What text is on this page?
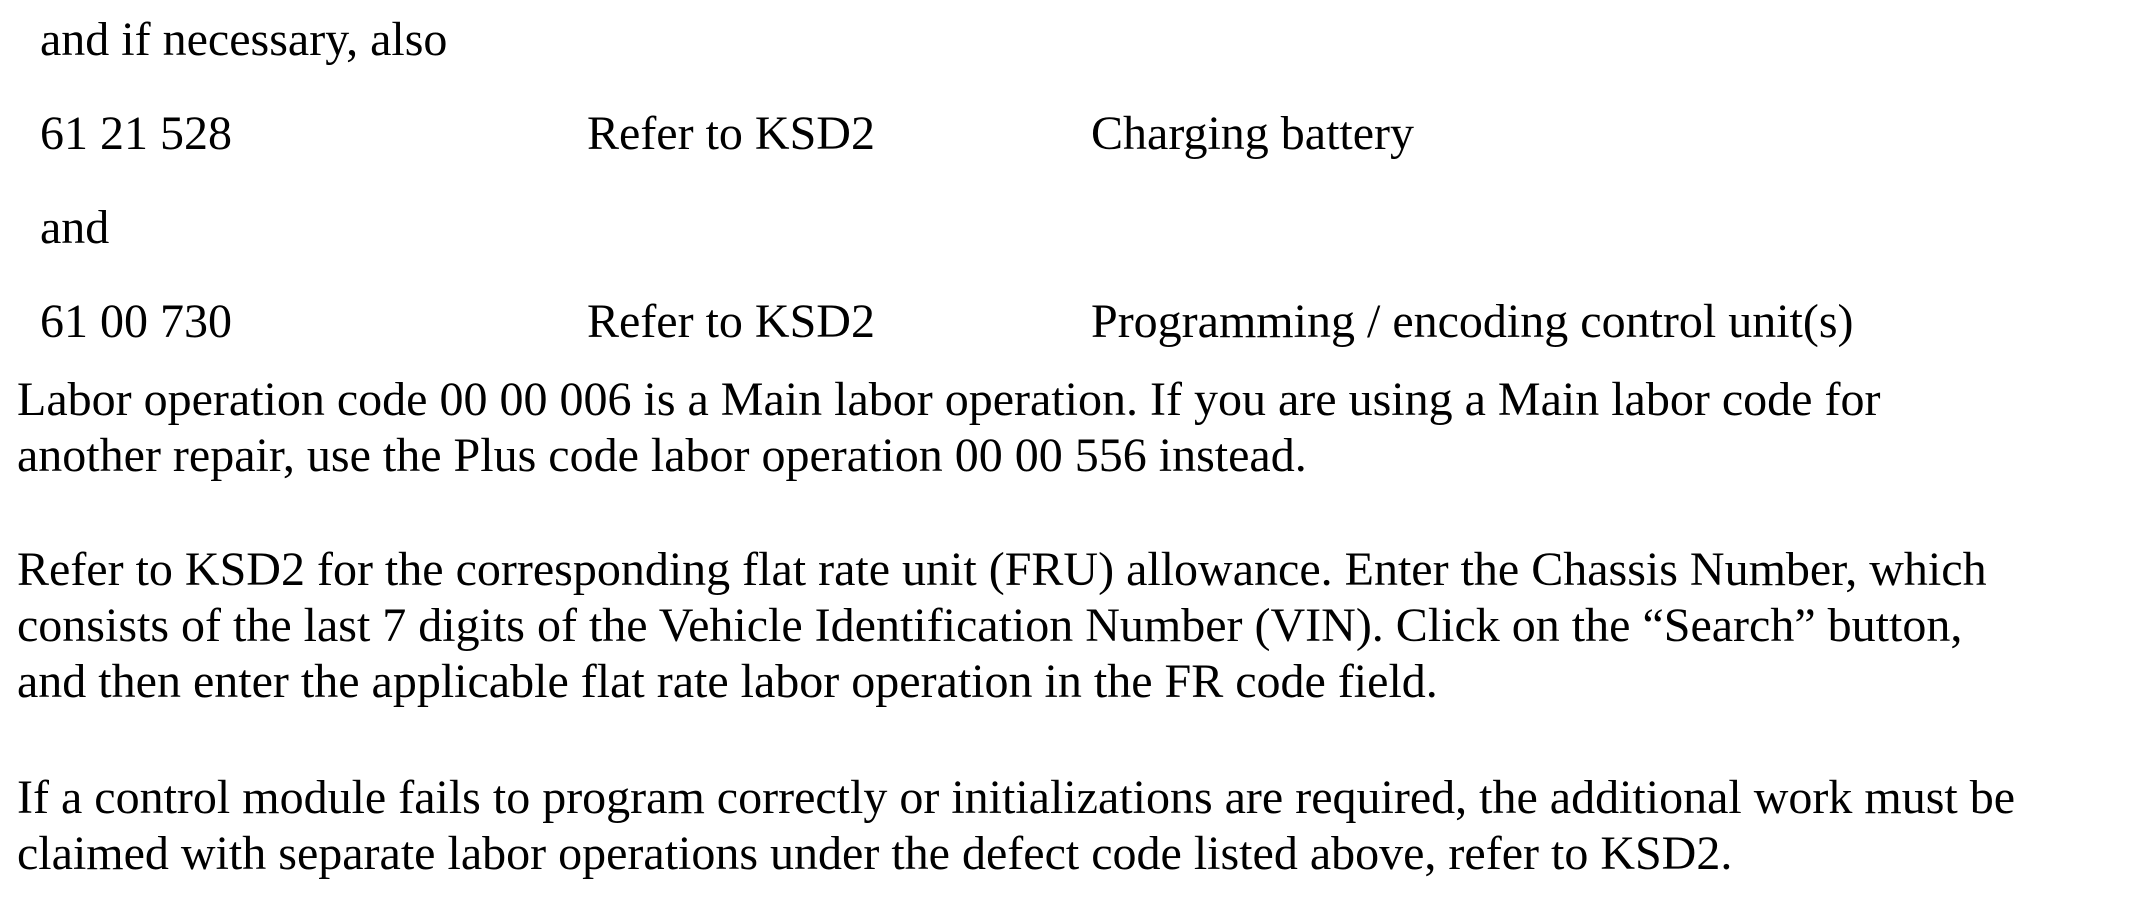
and if necessary, also

61 21 528	Refer to KSD2	Charging battery

and

61 00 730	Refer to KSD2	Programming / encoding control unit(s)

Labor operation code 00 00 006 is a Main labor operation. If you are using a Main labor code for
another repair, use the Plus code labor operation 00 00 556 instead.

Refer to KSD2 for the corresponding flat rate unit (FRU) allowance. Enter the Chassis Number, which
consists of the last 7 digits of the Vehicle Identification Number (VIN). Click on the “Search” button,
and then enter the applicable flat rate labor operation in the FR code field.

If a control module fails to program correctly or initializations are required, the additional work must be
claimed with separate labor operations under the defect code listed above, refer to KSD2.
